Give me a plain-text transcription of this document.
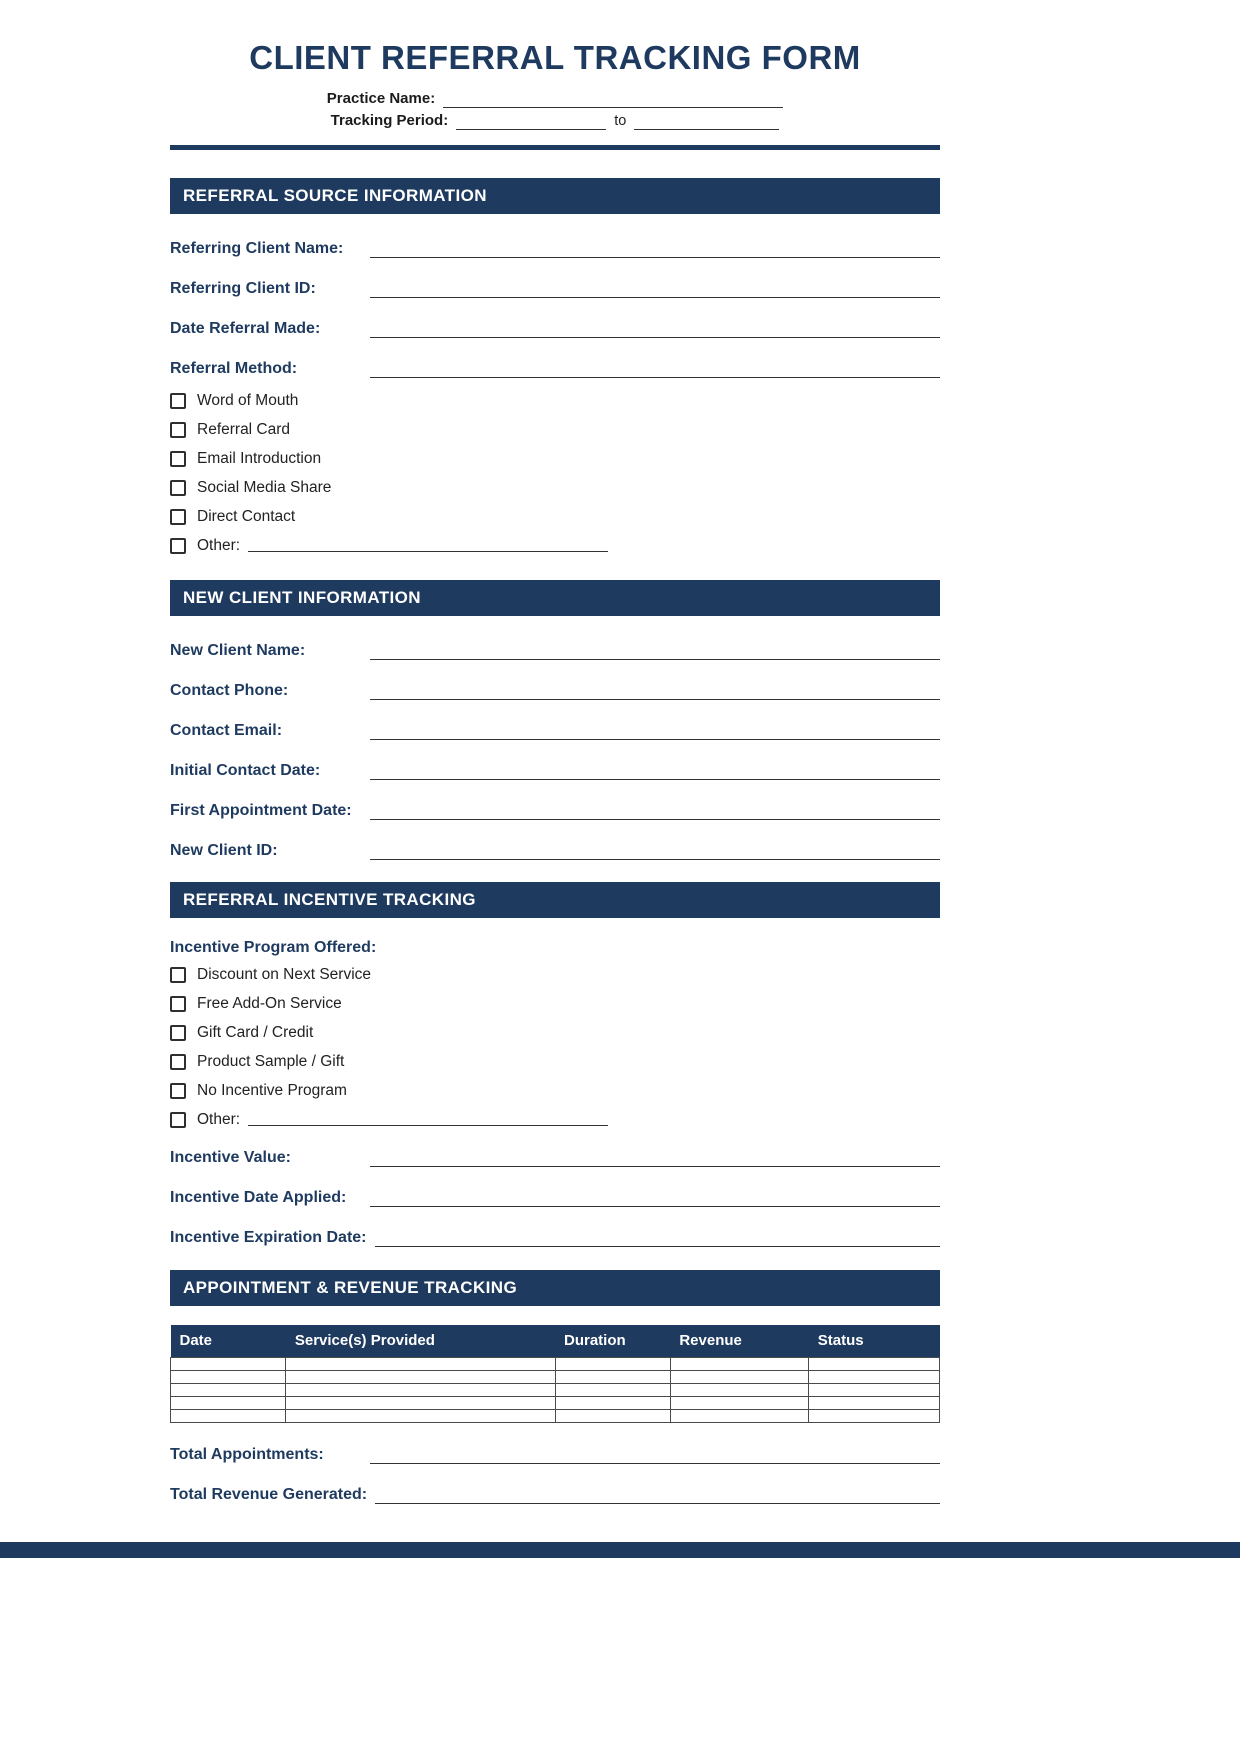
CLIENT REFERRAL TRACKING FORM
Practice Name:
Tracking Period:	to
REFERRAL SOURCE INFORMATION
Referring Client Name:
Referring Client ID:
Date Referral Made:
Referral Method:
Word of Mouth
Referral Card
Email Introduction
Social Media Share
Direct Contact
Other:
NEW CLIENT INFORMATION
New Client Name:
Contact Phone:
Contact Email:
Initial Contact Date:
First Appointment Date:
New Client ID:
REFERRAL INCENTIVE TRACKING
Incentive Program Offered:
Discount on Next Service
Free Add-On Service
Gift Card / Credit
Product Sample / Gift
No Incentive Program
Other:
Incentive Value:
Incentive Date Applied:
Incentive Expiration Date:
APPOINTMENT & REVENUE TRACKING
Date	Service(s) Provided	Duration	Revenue	Status

Total Appointments:
Total Revenue Generated:
